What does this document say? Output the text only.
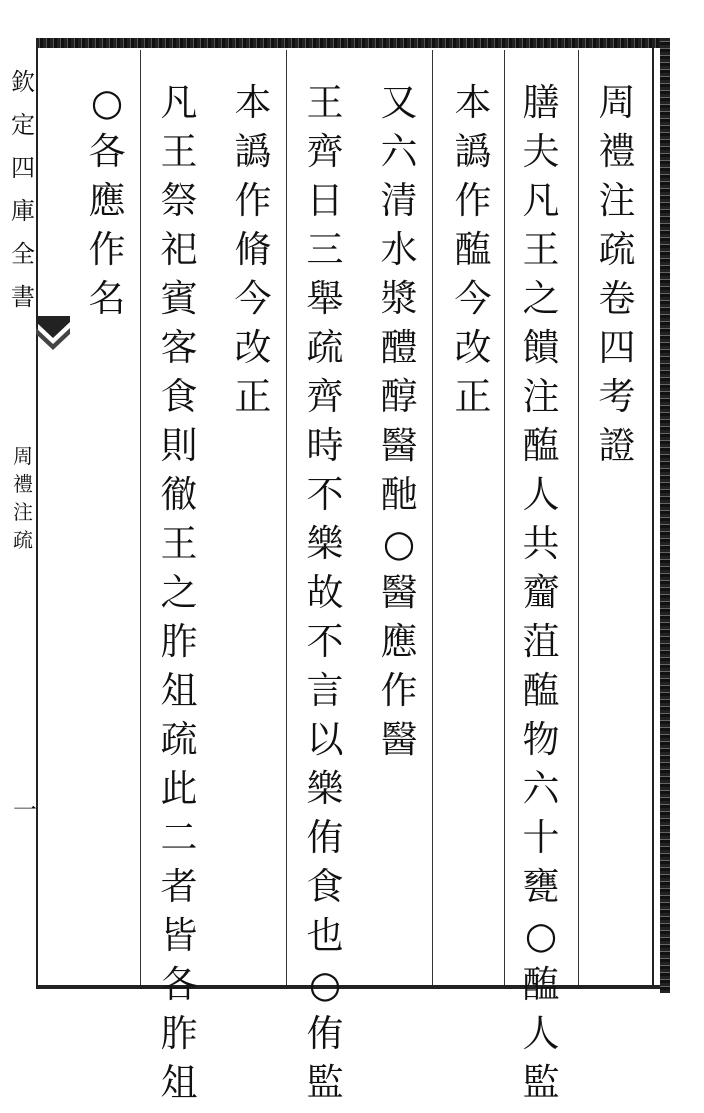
欽
定
四
庫
全
書
周
禮
注
疏
一
周
禮
注
疏
卷
四
考
證
膳
夫
凡
王
之
饋
注
醢
人
共
齏
菹
醢
物
六
十
甕
○
醢
人
監
本
譌
作
醢
今
改
正
又
六
清
水
漿
醴
醇
醫
酏
○
醫
應
作
醫
王
齊
日
三
舉
疏
齊
時
不
樂
故
不
言
以
樂
侑
食
也
○
侑
監
本
譌
作
脩
今
改
正
凡
王
祭
祀
賓
客
食
則
徹
王
之
胙
俎
疏
此
二
者
皆
各
胙
俎
○
各
應
作
名
